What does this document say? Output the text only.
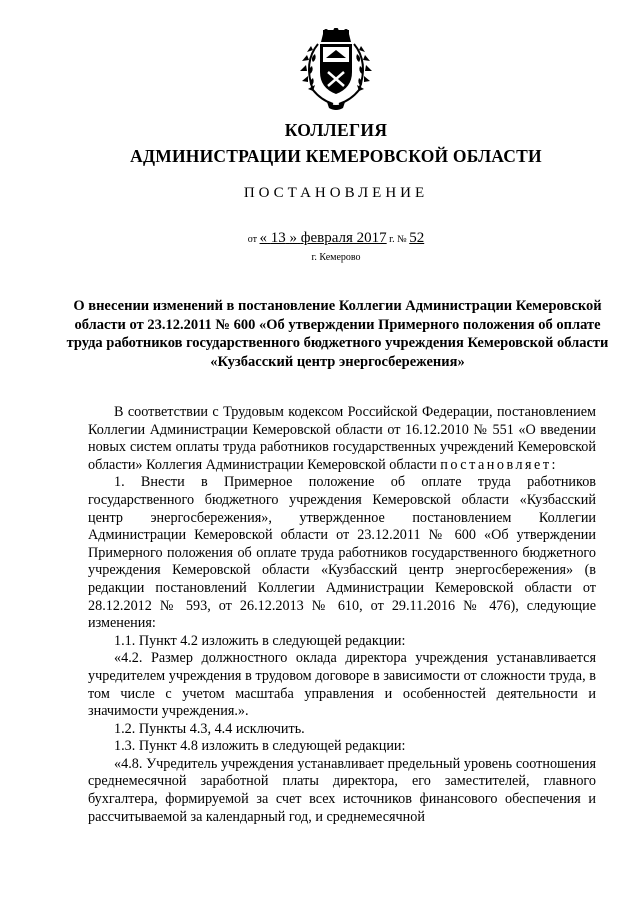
КОЛЛЕГИЯ
АДМИНИСТРАЦИИ КЕМЕРОВСКОЙ ОБЛАСТИ
ПОСТАНОВЛЕНИЕ
от « 13 » февраля 2017 г. № 52
г. Кемерово
О внесении изменений в постановление Коллегии Администрации Кемеровской области от 23.12.2011 № 600 «Об утверждении Примерного положения об оплате труда работников государственного бюджетного учреждения Кемеровской области «Кузбасский центр энергосбережения»

В соответствии с Трудовым кодексом Российской Федерации, постановлением Коллегии Администрации Кемеровской области от 16.12.2010 № 551 «О введении новых систем оплаты труда работников государственных учреждений Кемеровской области» Коллегия Администрации Кемеровской области постановляет:

1. Внести в Примерное положение об оплате труда работников государственного бюджетного учреждения Кемеровской области «Кузбасский центр энергосбережения», утвержденное постановлением Коллегии Администрации Кемеровской области от 23.12.2011 № 600 «Об утверждении Примерного положения об оплате труда работников государственного бюджетного учреждения Кемеровской области «Кузбасский центр энергосбережения» (в редакции постановлений Коллегии Администрации Кемеровской области от 28.12.2012 № 593, от 26.12.2013 № 610, от 29.11.2016 № 476), следующие изменения:

1.1. Пункт 4.2 изложить в следующей редакции:

«4.2. Размер должностного оклада директора учреждения устанавливается учредителем учреждения в трудовом договоре в зависимости от сложности труда, в том числе с учетом масштаба управления и особенностей деятельности и значимости учреждения.».

1.2. Пункты 4.3, 4.4 исключить.

1.3. Пункт 4.8 изложить в следующей редакции:

«4.8. Учредитель учреждения устанавливает предельный уровень соотношения среднемесячной заработной платы директора, его заместителей, главного бухгалтера, формируемой за счет всех источников финансового обеспечения и рассчитываемой за календарный год, и среднемесячной
